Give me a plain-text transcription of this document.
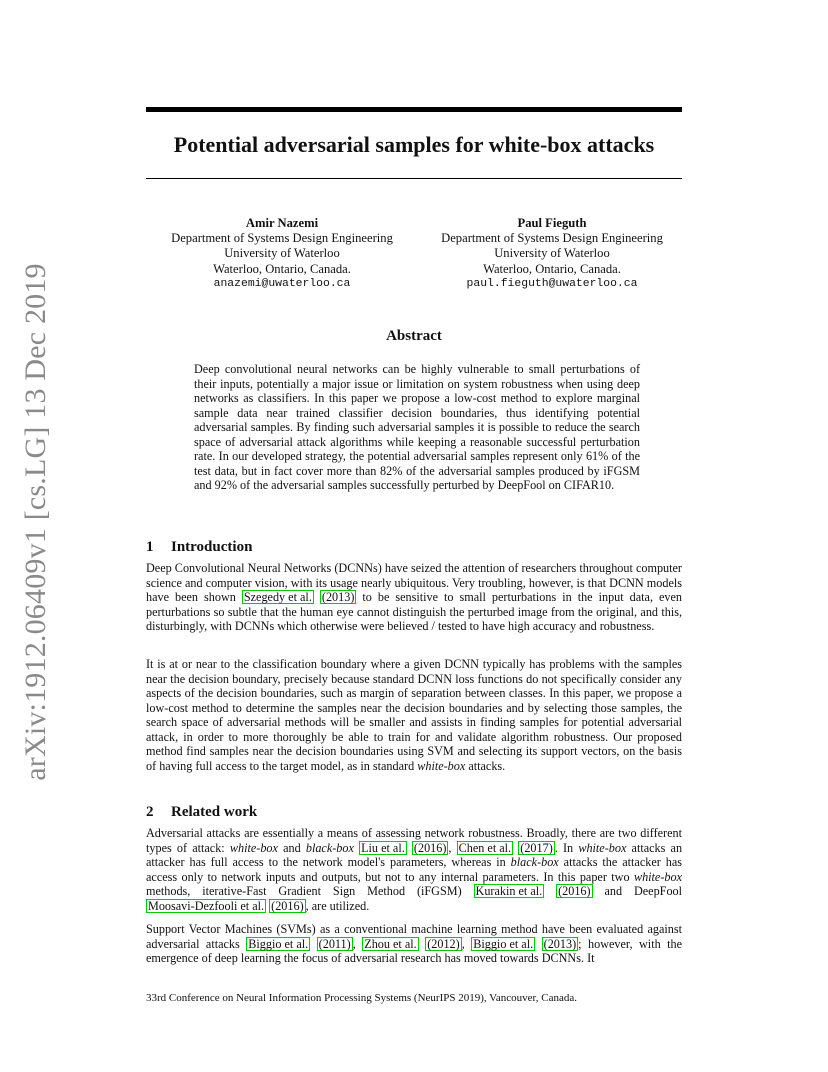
arXiv:1912.06409v1 [cs.LG] 13 Dec 2019
Potential adversarial samples for white-box attacks
Amir Nazemi
Department of Systems Design Engineering
University of Waterloo
Waterloo, Ontario, Canada.
anazemi@uwaterloo.ca
Paul Fieguth
Department of Systems Design Engineering
University of Waterloo
Waterloo, Ontario, Canada.
paul.fieguth@uwaterloo.ca
Abstract

Deep convolutional neural networks can be highly vulnerable to small perturbations of their inputs, potentially a major issue or limitation on system robustness when using deep networks as classifiers. In this paper we propose a low-cost method to explore marginal sample data near trained classifier decision boundaries, thus identifying potential adversarial samples. By finding such adversarial samples it is possible to reduce the search space of adversarial attack algorithms while keeping a reasonable successful perturbation rate. In our developed strategy, the potential adversarial samples represent only 61% of the test data, but in fact cover more than 82% of the adversarial samples produced by iFGSM and 92% of the adversarial samples successfully perturbed by DeepFool on CIFAR10.

1 Introduction

Deep Convolutional Neural Networks (DCNNs) have seized the attention of researchers throughout computer science and computer vision, with its usage nearly ubiquitous. Very troubling, however, is that DCNN models have been shown Szegedy et al. (2013) to be sensitive to small perturbations in the input data, even perturbations so subtle that the human eye cannot distinguish the perturbed image from the original, and this, disturbingly, with DCNNs which otherwise were believed / tested to have high accuracy and robustness.

It is at or near to the classification boundary where a given DCNN typically has problems with the samples near the decision boundary, precisely because standard DCNN loss functions do not specifically consider any aspects of the decision boundaries, such as margin of separation between classes. In this paper, we propose a low-cost method to determine the samples near the decision boundaries and by selecting those samples, the search space of adversarial methods will be smaller and assists in finding samples for potential adversarial attack, in order to more thoroughly be able to train for and validate algorithm robustness. Our proposed method find samples near the decision boundaries using SVM and selecting its support vectors, on the basis of having full access to the target model, as in standard white-box attacks.

2 Related work

Adversarial attacks are essentially a means of assessing network robustness. Broadly, there are two different types of attack: white-box and black-box Liu et al. (2016) , Chen et al. (2017) . In white-box attacks an attacker has full access to the network model's parameters, whereas in black-box attacks the attacker has access only to network inputs and outputs, but not to any internal parameters. In this paper two white-box methods, iterative-Fast Gradient Sign Method (iFGSM) Kurakin et al. (2016) and DeepFool Moosavi-Dezfooli et al. (2016) , are utilized.

Support Vector Machines (SVMs) as a conventional machine learning method have been evaluated against adversarial attacks Biggio et al. (2011) , Zhou et al. (2012) , Biggio et al. (2013) ; however, with the emergence of deep learning the focus of adversarial research has moved towards DCNNs. It

33rd Conference on Neural Information Processing Systems (NeurIPS 2019), Vancouver, Canada.
